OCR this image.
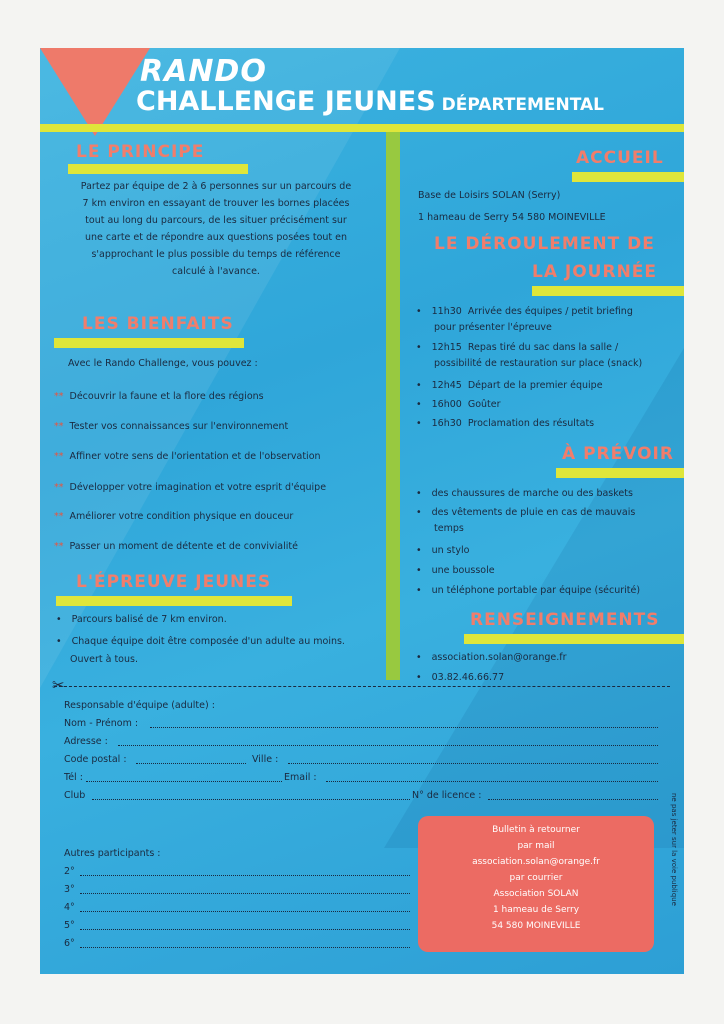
RANDO
CHALLENGE JEUNES DÉPARTEMENTAL
LE PRINCIPE
Partez par équipe de 2 à 6 personnes sur un parcours de
7 km environ en essayant de trouver les bornes placées
tout au long du parcours, de les situer précisément sur
une carte et de répondre aux questions posées tout en
s'approchant le plus possible du temps de référence
calculé à l'avance.
LES BIENFAITS
Avec le Rando Challenge, vous pouvez :
** Découvrir la faune et la flore des régions
** Tester vos connaissances sur l'environnement
** Affiner votre sens de l'orientation et de l'observation
** Développer votre imagination et votre esprit d'équipe
** Améliorer votre condition physique en douceur
** Passer un moment de détente et de convivialité
L'ÉPREUVE JEUNES
• Parcours balisé de 7 km environ.
• Chaque équipe doit être composée d'un adulte au moins.
Ouvert à tous.
ACCUEIL
Base de Loisirs SOLAN (Serry)
1 hameau de Serry 54 580 MOINEVILLE
LE DÉROULEMENT DE
LA JOURNÉE
• 11h30 Arrivée des équipes / petit briefing
pour présenter l'épreuve
• 12h15 Repas tiré du sac dans la salle /
possibilité de restauration sur place (snack)
• 12h45 Départ de la premier équipe
• 16h00 Goûter
• 16h30 Proclamation des résultats
À PRÉVOIR
• des chaussures de marche ou des baskets
• des vêtements de pluie en cas de mauvais
temps
• un stylo
• une boussole
• un téléphone portable par équipe (sécurité)
RENSEIGNEMENTS
• association.solan@orange.fr
• 03.82.46.66.77
✂
Responsable d'équipe (adulte) :
Nom - Prénom :
Adresse :
Code postal :	Ville :
Tél :	Email :
Club	N° de licence :
Autres participants :
2°
3°
4°
5°
6°
Bulletin à retourner
par mail
association.solan@orange.fr
par courrier
Association SOLAN
1 hameau de Serry
54 580 MOINEVILLE
ne pas jeter sur la voie publique
